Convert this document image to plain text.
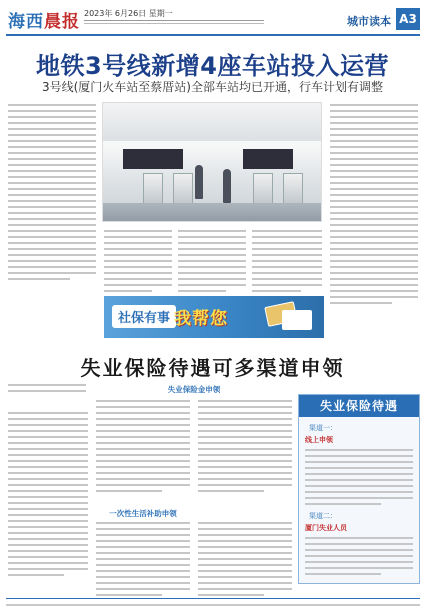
海西晨报 2023年 6月26日 星期一
城市读本 A3
地铁3号线新增4座车站投入运营
3号线(厦门火车站至蔡厝站)全部车站均已开通，行车计划有调整
社保有事 我帮您
失业保险待遇可多渠道申领
失业保险金申领
一次性生活补助申领
失业保险待遇
渠道一：
线上申领
渠道二：
厦门失业人员
